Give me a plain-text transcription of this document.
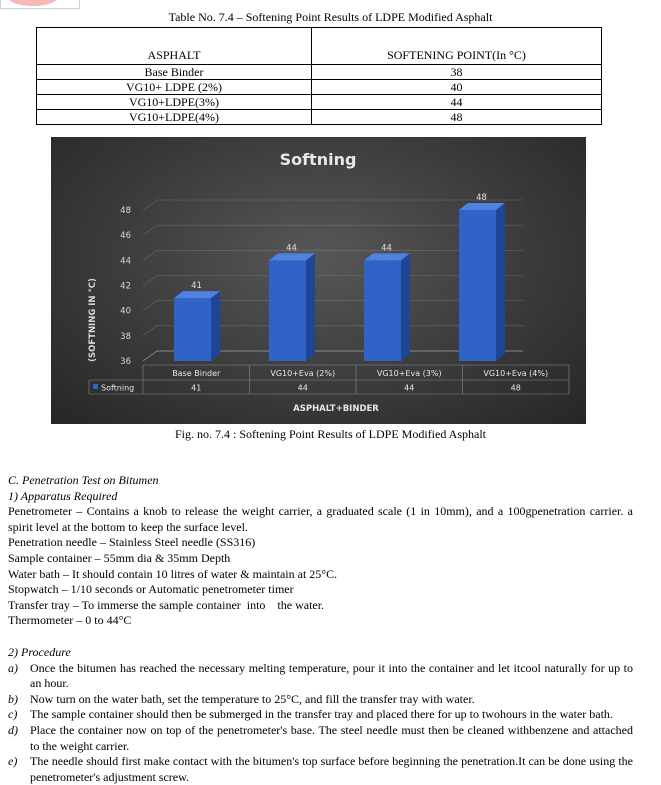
Table No. 7.4 – Softening Point Results of LDPE Modified Asphalt
ASPHALT	SOFTENING POINT(In °C)
Base Binder	38
VG10+ LDPE (2%)	40
VG10+LDPE(3%)	44
VG10+LDPE(4%)	48
Softning
36
38
40
42
44
46
48
41
44	44
48
Base Binder
41
VG10+Eva (2%)
44
VG10+Eva (3%)
44
VG10+Eva (4%)
48
Softning
(SOFTNING IN °C)
ASPHALT+BINDER
Fig. no. 7.4 : Softening Point Results of LDPE Modified Asphalt
C. Penetration Test on Bitumen
1) Apparatus Required
Penetrometer – Contains a knob to release the weight carrier, a graduated scale (1 in 10mm), and a 100gpenetration carrier. a spirit level at the bottom to keep the surface level.
Penetration needle – Stainless Steel needle (SS316)
Sample container – 55mm dia & 35mm Depth
Water bath – It should contain 10 litres of water & maintain at 25°C.
Stopwatch – 1/10 seconds or Automatic penetrometer timer
Transfer tray – To immerse the sample container  into    the water.
Thermometer – 0 to 44°C
2) Procedure
a) Once the bitumen has reached the necessary melting temperature, pour it into the container and let itcool naturally for up to an hour.
b) Now turn on the water bath, set the temperature to 25°C, and fill the transfer tray with water.
c) The sample container should then be submerged in the transfer tray and placed there for up to twohours in the water bath.
d) Place the container now on top of the penetrometer's base. The steel needle must then be cleaned withbenzene and attached to the weight carrier.
e) The needle should first make contact with the bitumen's top surface before beginning the penetration.It can be done using the penetrometer's adjustment screw.
